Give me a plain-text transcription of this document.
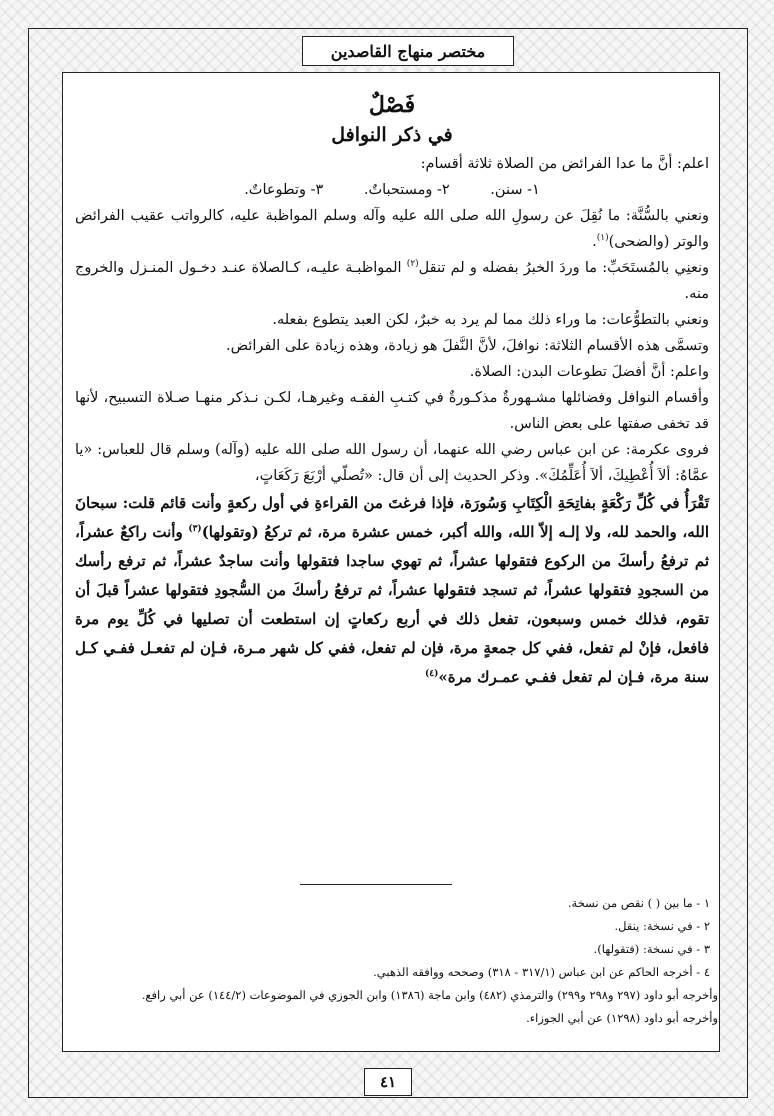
مختصر منهاج القاصدين
فَصْلٌ
في ذكر النوافل
اعلم: أنَّ ما عدا الفرائض من الصلاة ثلاثة أقسام:
١- سنن. ٢- ومستحباتٌ. ٣- وتطوعاتٌ.
ونعني بالسُّنَّة: ما نُقِلَ عن رسولِ الله صلى الله عليه وآله وسلم المواظبة عليه، كالرواتب عقيب الفرائض والوتر (والضحى)$^{(١)}$.
ونعنِي بالمُستَحَبِّ: ما وردَ الخبرُ بفضله و لم تنقل$^{(٢)}$ المواظبـة عليـه، كـالصلاة عنـد دخـول المنـزل والخروج منه.
ونعني بالتطوُّعات: ما وراء ذلك مما لم يرد به خبرٌ، لكن العبد يتطوع بفعله.
وتسمَّى هذه الأقسام الثلاثة: نوافلَ، لأنَّ النَّفلَ هو زيادة، وهذه زيادة على الفرائض.
واعلم: أنَّ أفضلَ تطوعات البدن: الصلاة.
وأقسام النوافل وفضائلها مشـهورةٌ مذكـورةٌ في كتـبِ الفقـه وغيرهـا، لكـن نـذكر منهـا صـلاة التسبيح، لأنها قد تخفى صفتها على بعض الناس.
فروى عكرمة: عن ابن عباس رضي الله عنهما، أن رسول الله صلى الله عليه (وآله) وسلم قال للعباس: «يا عمَّاهُ: ألاَ أُعْطِيكَ، ألاَ أُعَلِّمُكَ». وذكر الحديث إلى أن قال: «تُصلّي أرْبَعَ رَكَعَاتٍ،
تَقْرَأُ في كُلِّ رَكْعَةٍ بفاتِحَةِ الْكِتَابِ وَسُورَة، فإذا فرغتَ من القراءةِ في أول ركعةٍ وأنت قائم قلت: سبحانَ الله، والحمد لله، ولا إلـه إلاّ الله، والله أكبر، خمس عشرة مرة، ثم تركعُ (وتقولها)$^{(٣)}$ وأنت راكعٌ عشراً، ثم ترفعُ رأسكَ من الركوع فتقولها عشراً، ثم تهوي ساجدا فتقولها وأنت ساجدٌ عشراً، ثم ترفع رأسك من السجودِ فتقولها عشراً، ثم تسجد فتقولها عشراً، ثم ترفعُ رأسكَ من السُّجودِ فتقولها عشراً قبلَ أن تقوم، فذلك خمس وسبعون، تفعل ذلك في أربع ركعاتٍ إن استطعت أن تصليها في كُلِّ يوم مرة فافعل، فإنْ لم تفعل، ففي كل جمعةٍ مرة، فإن لم تفعل، ففي كل شهر مـرة، فـإن لم تفعـل ففـي كـل سنة مرة، فـإن لم تفعل ففـي عمـرك مرة»$^{(٤)}$
١ - ما بين ( ) نقص من نسخة.
٢ - في نسخة: ينقل.
٣ - في نسخة: (فتقولها).
٤ - أخرجه الحاكم عن ابن عباس (٣١٧/١ - ٣١٨) وصححه ووافقه الذهبي.
وأخرجه أبو داود (٢٩٧ و٢٩٨ و٢٩٩) والترمذي (٤٨٢) وابن ماجة (١٣٨٦) وابن الجوزي في الموضوعات (١٤٤/٢) عن أبي رافع.
وأخرجه أبو داود (١٢٩٨) عن أبي الجوزاء.
٤١
